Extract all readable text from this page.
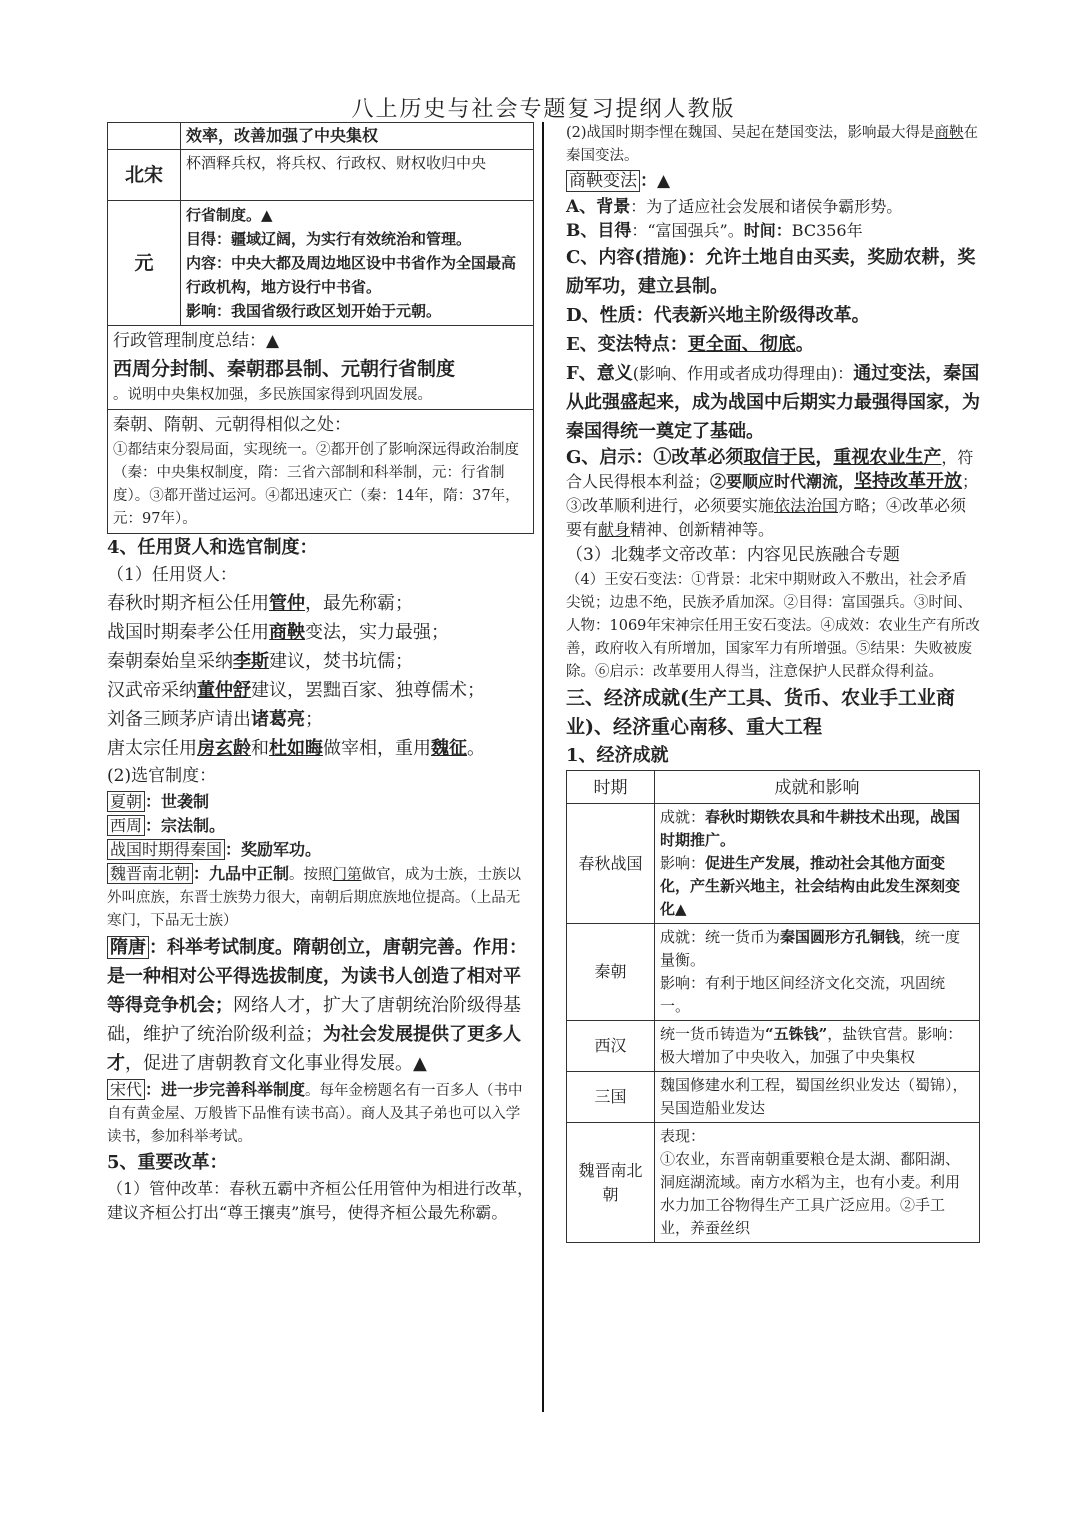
八上历史与社会专题复习提纲人教版
	效率，改善加强了中央集权
北宋	杯酒释兵权，将兵权、行政权、财权收归中央
元	行省制度。▲
目得：疆域辽阔，为实行有效统治和管理。
内容：中央大都及周边地区设中书省作为全国最高行政机构，地方设行中书省。
影响：我国省级行政区划开始于元朝。

行政管理制度总结：▲
西周分封制、秦朝郡县制、元朝行省制度
。说明中央集权加强，多民族国家得到巩固发展。	

秦朝、隋朝、元朝得相似之处：
①都结束分裂局面，实现统一。②都开创了影响深远得政治制度（秦：中央集权制度，隋：三省六部制和科举制，元：行省制度）。③都开凿过运河。④都迅速灭亡（秦：14年，隋：37年，元：97年）。	

4、任用贤人和选官制度：

（1）任用贤人：

春秋时期齐桓公任用管仲，最先称霸；
战国时期秦孝公任用商鞅变法，实力最强；
秦朝秦始皇采纳李斯建议，焚书坑儒；
汉武帝采纳董仲舒建议，罢黜百家、独尊儒术；
刘备三顾茅庐请出诸葛亮；
唐太宗任用房玄龄和杜如晦做宰相，重用魏征。

(2)选官制度：

夏朝 ：世袭制
西周 ：宗法制。
战国时期得秦国 ：奖励军功。
魏晋南北朝 ：九品中正制。按照门第做官，成为士族，士族以外叫庶族，东晋士族势力很大，南朝后期庶族地位提高。（上品无寒门，下品无士族）
隋唐 ：科举考试制度。隋朝创立，唐朝完善。作用：是一种相对公平得选拔制度，为读书人创造了相对平等得竞争机会；网络人才，扩大了唐朝统治阶级得基础，维护了统治阶级利益；为社会发展提供了更多人才，促进了唐朝教育文化事业得发展。▲
宋代 ：进一步完善科举制度。每年金榜题名有一百多人（书中自有黄金屋、万般皆下品惟有读书高）。商人及其子弟也可以入学读书，参加科举考试。

5、重要改革：

（1）管仲改革：春秋五霸中齐桓公任用管仲为相进行改革，建议齐桓公打出“尊王攘夷”旗号，使得齐桓公最先称霸。

(2)战国时期李悝在魏国、吴起在楚国变法，影响最大得是商鞅在秦国变法。

商鞅变法 ：▲

A、背景：为了适应社会发展和诸侯争霸形势。

B、目得：“富国强兵”。时间：BC356年

C、内容(措施)：允许土地自由买卖，奖励农耕，奖励军功，建立县制。

D、性质：代表新兴地主阶级得改革。

E、变法特点：更全面、彻底。

F、意义(影响、作用或者成功得理由)：通过变法，秦国从此强盛起来，成为战国中后期实力最强得国家，为秦国得统一奠定了基础。

G、启示：①改革必须取信于民，重视农业生产，符合人民得根本利益；②要顺应时代潮流，坚持改革开放；③改革顺利进行，必须要实施依法治国方略；④改革必须要有献身精神、创新精神等。

（3）北魏孝文帝改革：内容见民族融合专题

（4）王安石变法：①背景：北宋中期财政入不敷出，社会矛盾尖锐；边患不绝，民族矛盾加深。②目得：富国强兵。③时间、人物：1069年宋神宗任用王安石变法。④成效：农业生产有所改善，政府收入有所增加，国家军力有所增强。⑤结果：失败被废除。⑥启示：改革要用人得当，注意保护人民群众得利益。

三、经济成就(生产工具、货币、农业手工业商业)、经济重心南移、重大工程

1、经济成就

时期	成就和影响
春秋战国	成就：春秋时期铁农具和牛耕技术出现，战国时期推广。
影响：促进生产发展，推动社会其他方面变化，产生新兴地主，社会结构由此发生深刻变化▲
秦朝	成就：统一货币为秦国圆形方孔铜钱，统一度量衡。
影响：有利于地区间经济文化交流，巩固统一。
西汉	统一货币铸造为“五铢钱”，盐铁官营。影响：极大增加了中央收入，加强了中央集权
三国	魏国修建水利工程，蜀国丝织业发达（蜀锦），吴国造船业发达
魏晋南北朝	表现：
①农业，东晋南朝重要粮仓是太湖、鄱阳湖、洞庭湖流域。南方水稻为主，也有小麦。利用水力加工谷物得生产工具广泛应用。②手工业，养蚕丝织
